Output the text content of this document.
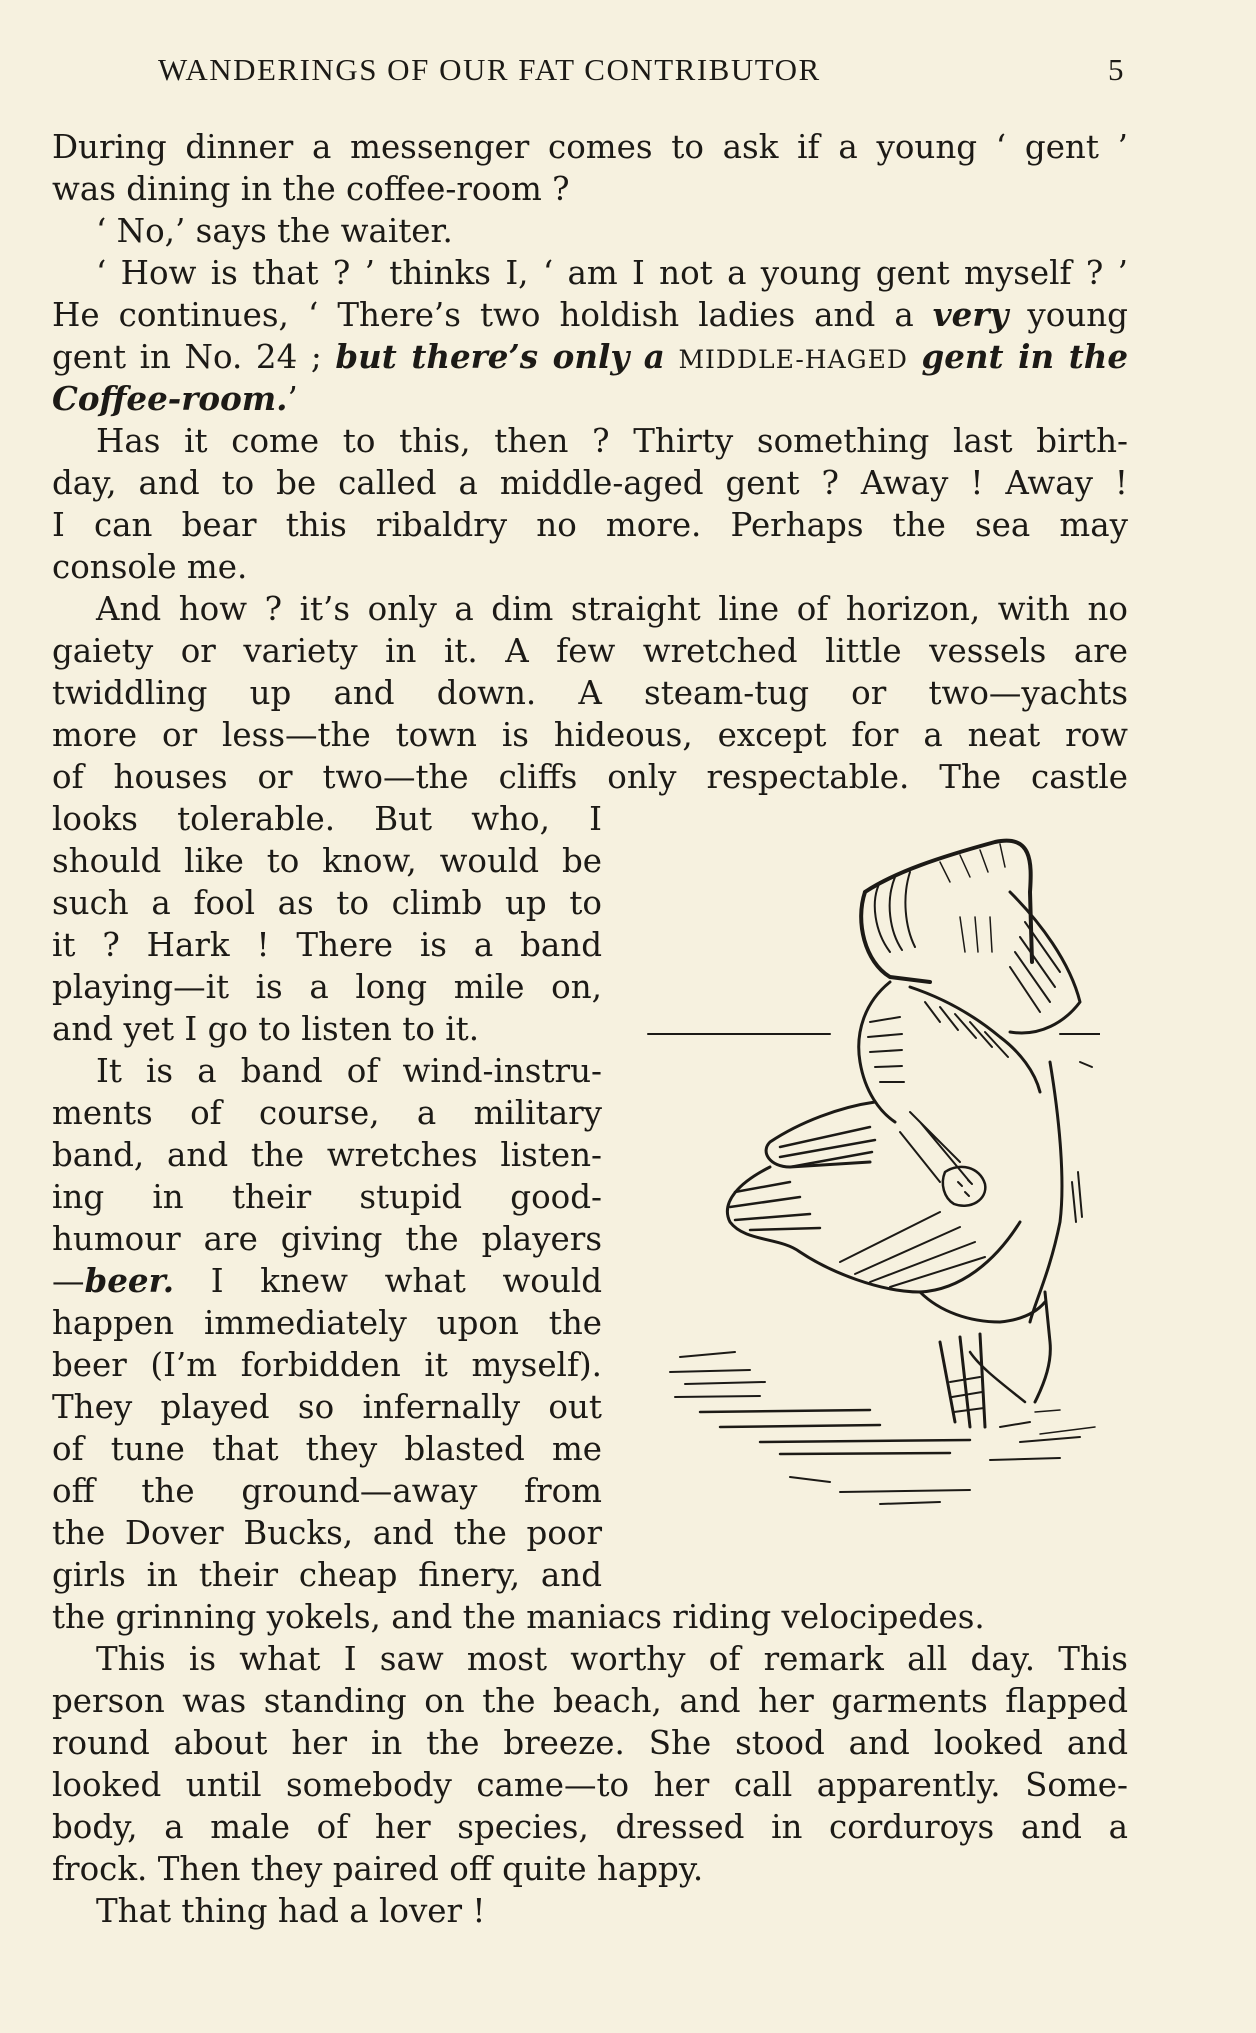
WANDERINGS OF OUR FAT CONTRIBUTOR	5
During dinner a messenger comes to ask if a young ‘ gent ’
was dining in the coffee-room ?
‘ No,’ says the waiter.
‘ How is that ? ’ thinks I, ‘ am I not a young gent myself ? ’
He continues, ‘ There’s two holdish ladies and a very young
gent in No. 24 ; but there’s only a MIDDLE-HAGED gent in the
Coffee-room.’
Has it come to this, then ? Thirty something last birth-
day, and to be called a middle-aged gent ? Away ! Away !
I can bear this ribaldry no more. Perhaps the sea may
console me.
And how ? it’s only a dim straight line of horizon, with no
gaiety or variety in it. A few wretched little vessels are
twiddling up and down. A steam-tug or two—yachts
more or less—the town is hideous, except for a neat row
of houses or two—the cliffs only respectable. The castle
looks tolerable. But who, I
should like to know, would be
such a fool as to climb up to
it ? Hark ! There is a band
playing—it is a long mile on,
and yet I go to listen to it.
It is a band of wind-instru-
ments of course, a military
band, and the wretches listen-
ing in their stupid good-
humour are giving the players
—beer. I knew what would
happen immediately upon the
beer (I’m forbidden it myself).
They played so infernally out
of tune that they blasted me
off the ground—away from
the Dover Bucks, and the poor
girls in their cheap finery, and
the grinning yokels, and the maniacs riding velocipedes.
This is what I saw most worthy of remark all day. This
person was standing on the beach, and her garments flapped
round about her in the breeze. She stood and looked and
looked until somebody came—to her call apparently. Some-
body, a male of her species, dressed in corduroys and a
frock. Then they paired off quite happy.
That thing had a lover !
